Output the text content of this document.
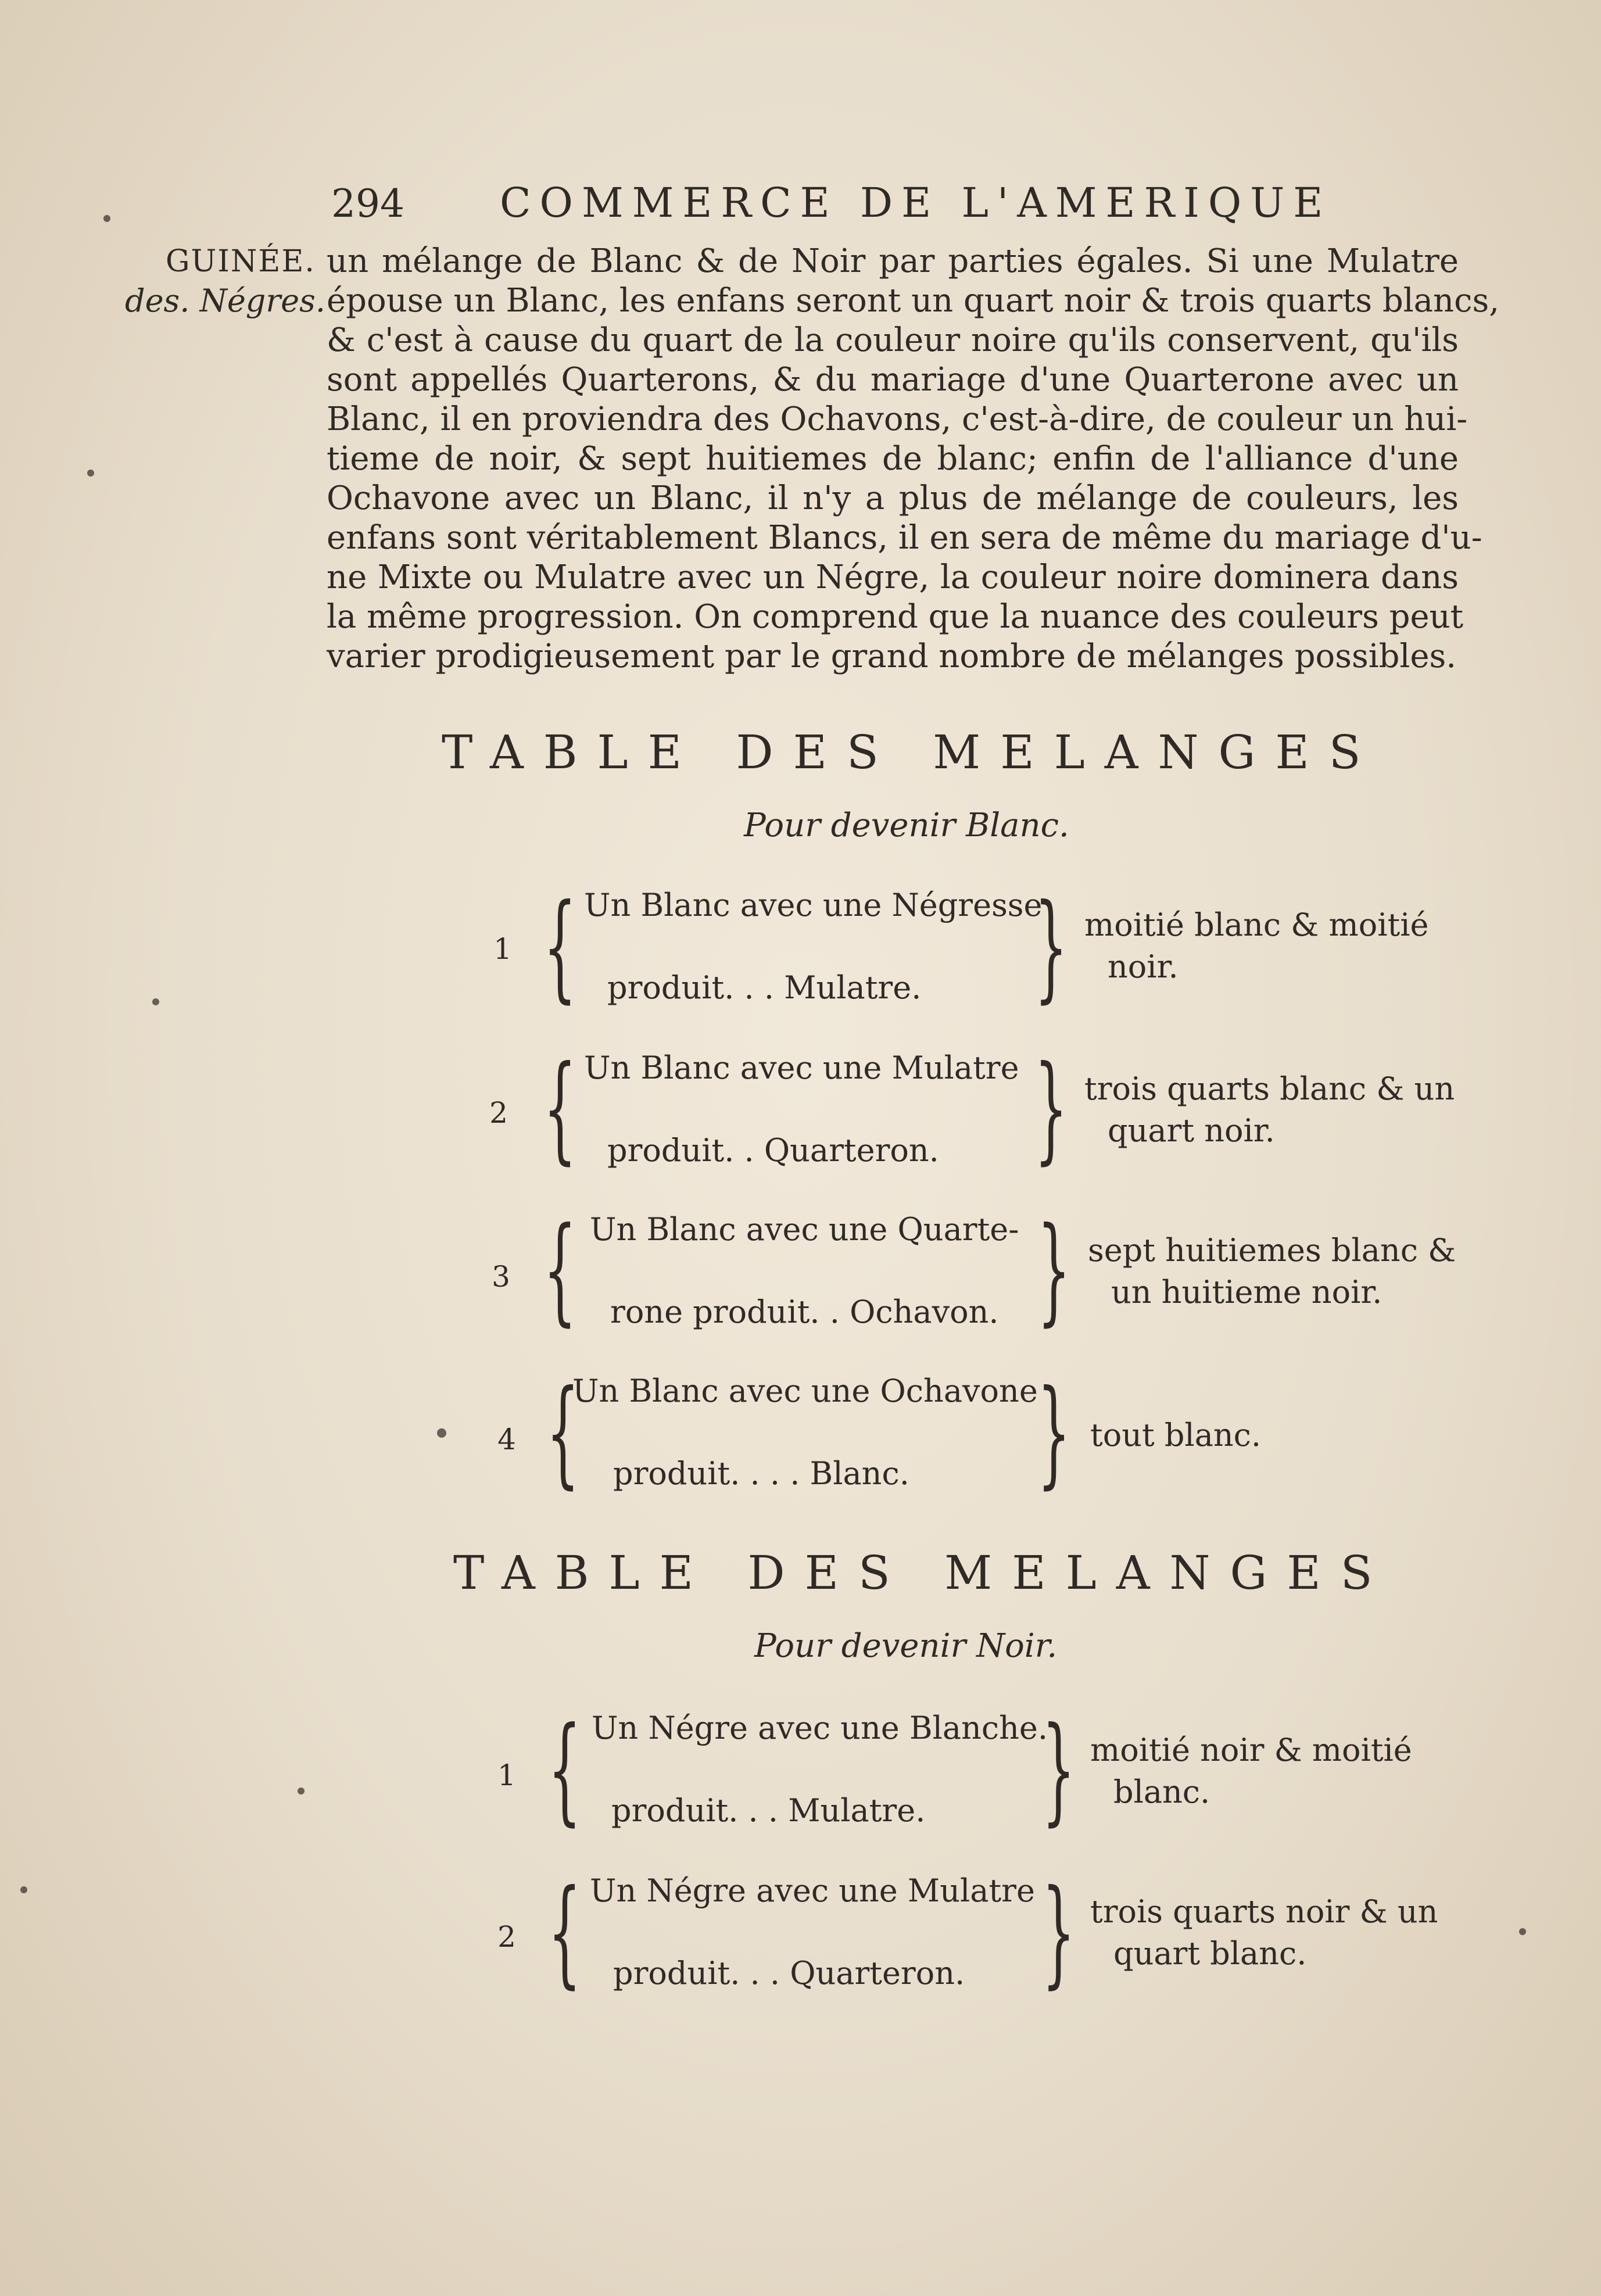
294 COMMERCE DE L'AMERIQUE
GUINÉE.
des. Négres.
un mélange de Blanc & de Noir par parties égales. Si une Mulatre
épouse un Blanc, les enfans seront un quart noir & trois quarts blancs,
& c'est à cause du quart de la couleur noire qu'ils conservent, qu'ils
sont appellés Quarterons, & du mariage d'une Quarterone avec un
Blanc, il en proviendra des Ochavons, c'est-à-dire, de couleur un hui-
tieme de noir, & sept huitiemes de blanc; enfin de l'alliance d'une
Ochavone avec un Blanc, il n'y a plus de mélange de couleurs, les
enfans sont véritablement Blancs, il en sera de même du mariage d'u-
ne Mixte ou Mulatre avec un Négre, la couleur noire dominera dans
la même progression. On comprend que la nuance des couleurs peut
varier prodigieusement par le grand nombre de mélanges possibles.
TABLE DES MELANGES
Pour devenir Blanc.
1 { Un Blanc avec une Négresse
produit. . . Mulatre. } moitié blanc & moitié
noir.
2 { Un Blanc avec une Mulatre
produit. . Quarteron. } trois quarts blanc & un
quart noir.
3 { Un Blanc avec une Quarte-
rone produit. . Ochavon. } sept huitiemes blanc &
un huitieme noir.
4 {
Un Blanc avec une Ochavone
produit. . . . Blanc. } tout blanc.
TABLE DES MELANGES
Pour devenir Noir.
1 { Un Négre avec une Blanche.
produit. . . Mulatre. } moitié noir & moitié
blanc.
2 { Un Négre avec une Mulatre
produit. . . Quarteron. } trois quarts noir & un
quart blanc.
